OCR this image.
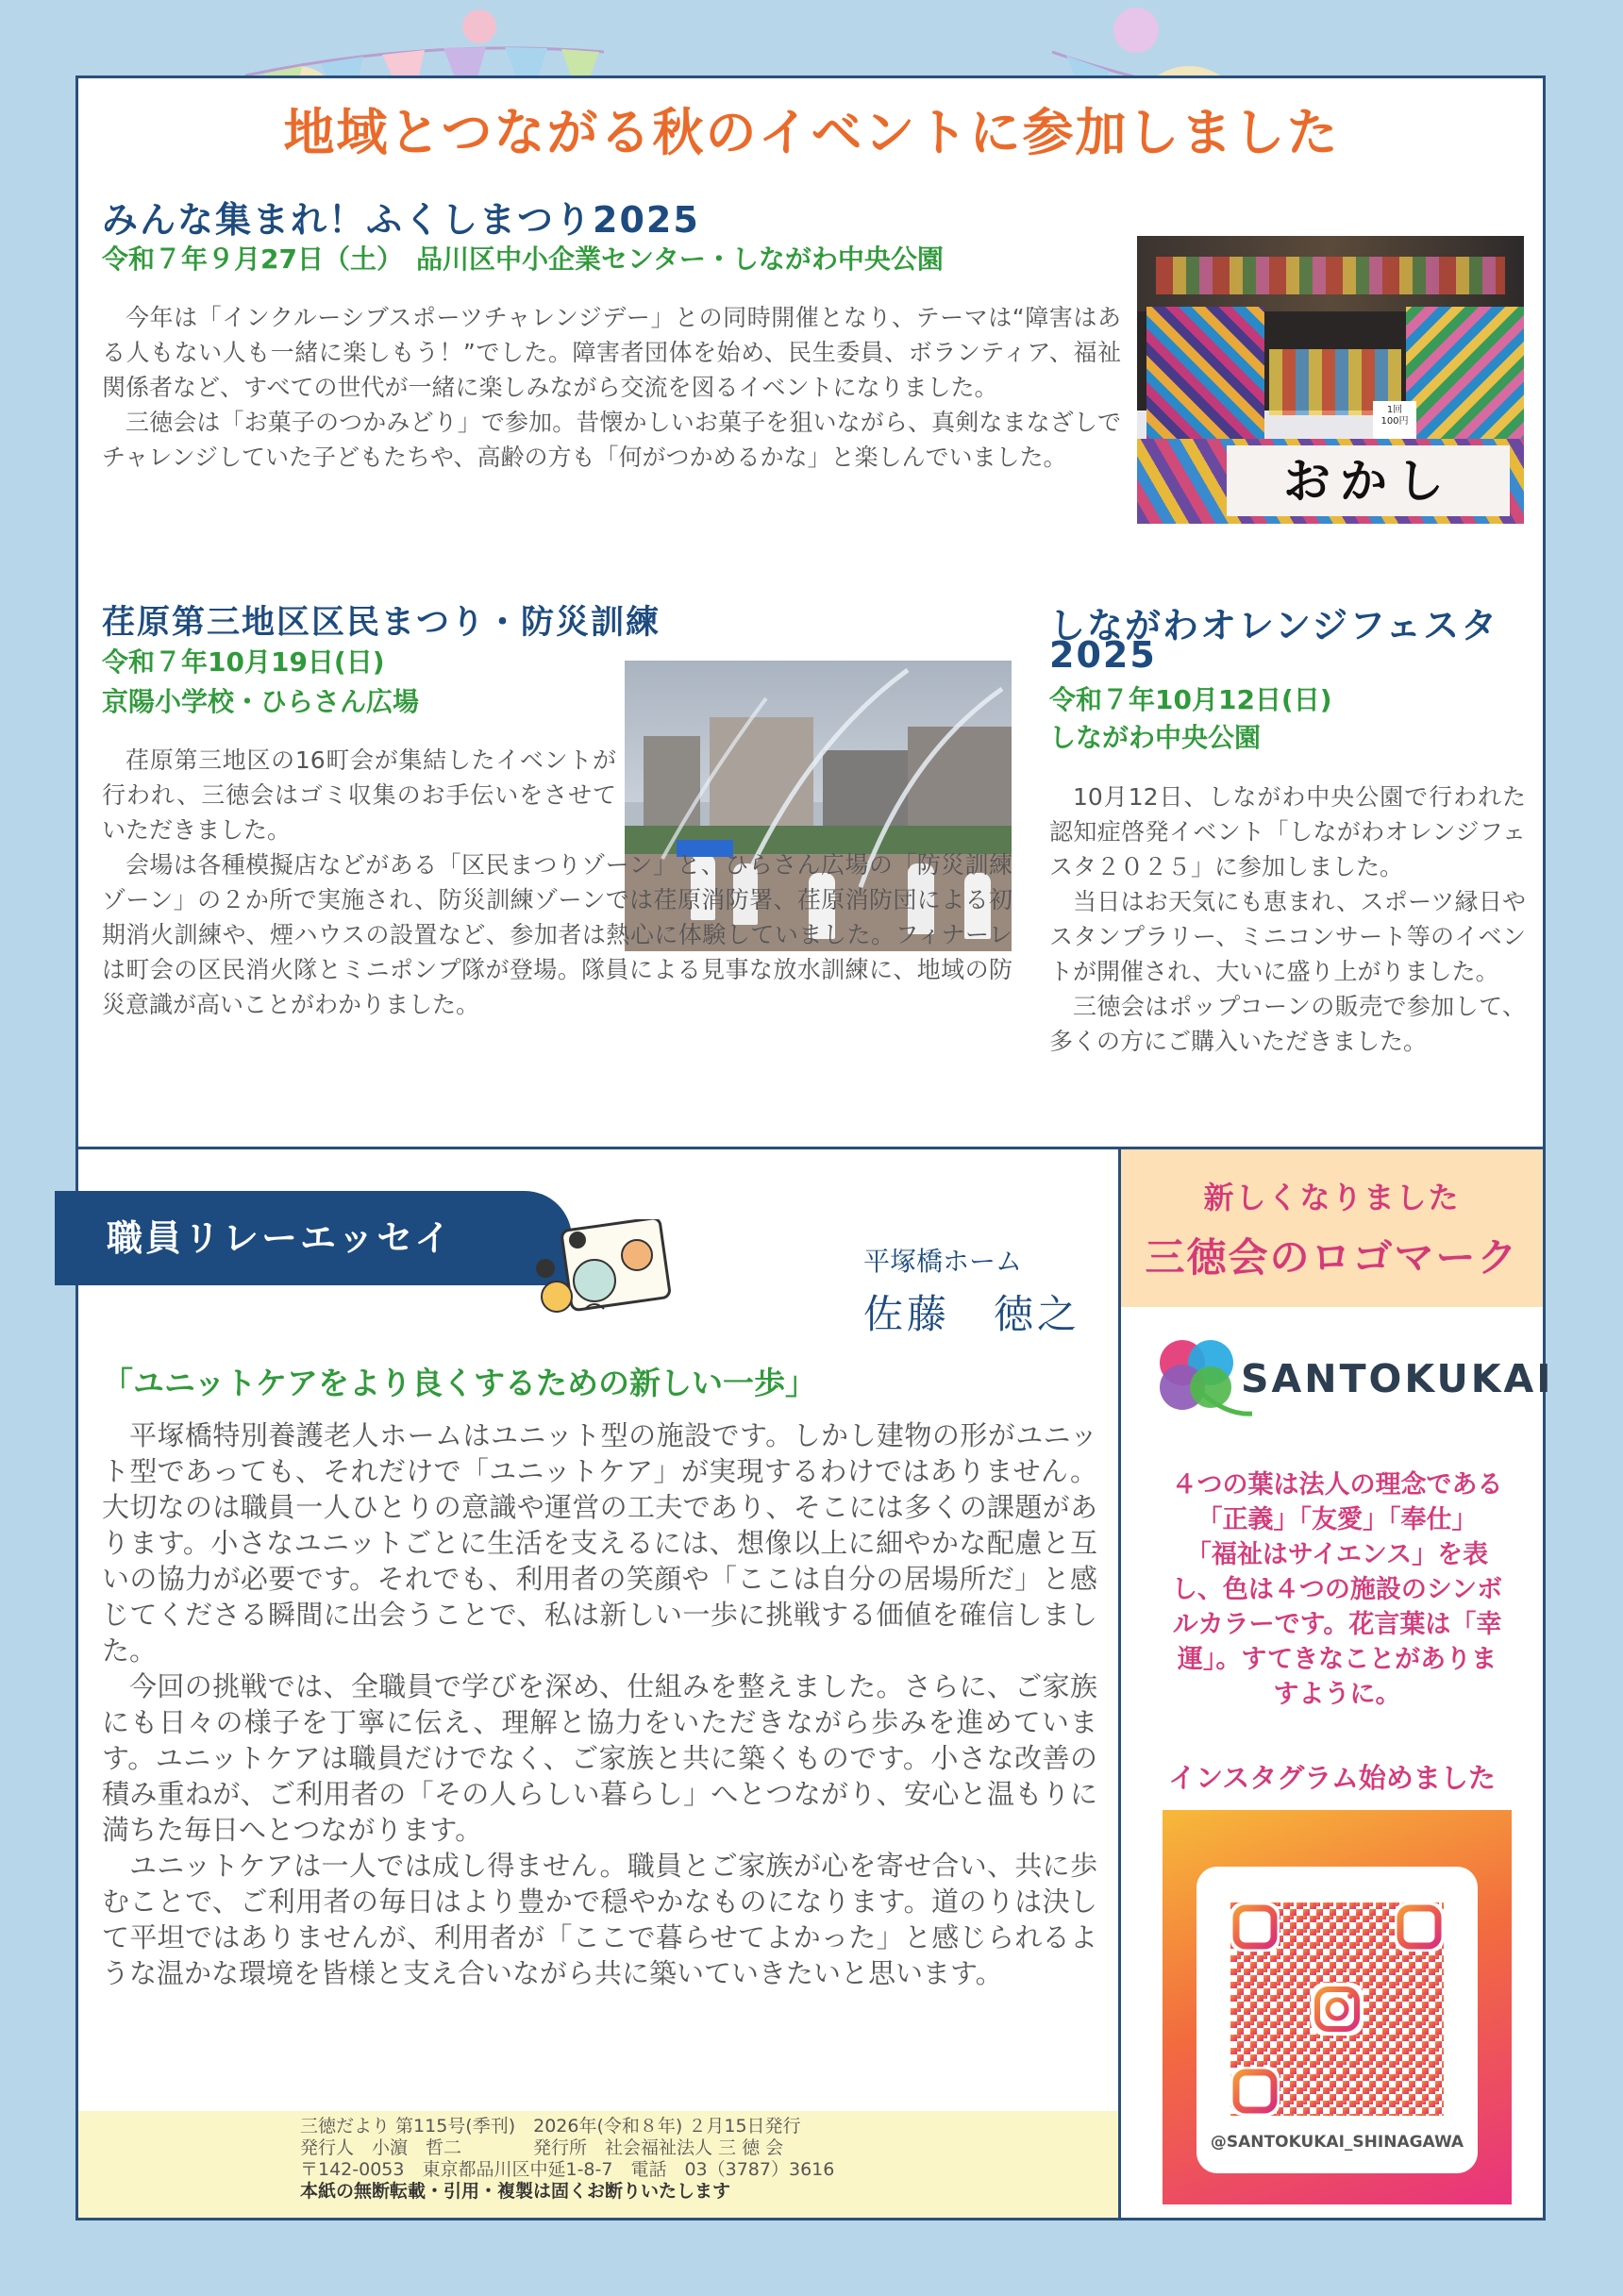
地域とつながる秋のイベントに参加しました
みんな集まれ！ふくしまつり2025
令和７年９月27日（土）　品川区中小企業センター・しながわ中央公園

今年は「インクルーシブスポーツチャレンジデー」との同時開催となり、テーマは“障害はある人もない人も一緒に楽しもう！”でした。障害者団体を始め、民生委員、ボランティア、福祉関係者など、すべての世代が一緒に楽しみながら交流を図るイベントになりました。

三徳会は「お菓子のつかみどり」で参加。昔懐かしいお菓子を狙いながら、真剣なまなざしでチャレンジしていた子どもたちや、高齢の方も「何がつかめるかな」と楽しんでいました。

1回
100円
おかし
荏原第三地区区民まつり・防災訓練
令和７年10月19日(日)
京陽小学校・ひらさん広場

荏原第三地区の16町会が集結したイベントが行われ、三徳会はゴミ収集のお手伝いをさせていただきました。

会場は各種模擬店などがある「区民まつりゾーン」と、ひらさん広場の「防災訓練ゾーン」の２か所で実施され、防災訓練ゾーンでは荏原消防署、荏原消防団による初期消火訓練や、煙ハウスの設置など、参加者は熱心に体験していました。フィナーレは町会の区民消火隊とミニポンプ隊が登場。隊員による見事な放水訓練に、地域の防災意識が高いことがわかりました。

しながわオレンジフェスタ
2025
令和７年10月12日(日)
しながわ中央公園

10月12日、しながわ中央公園で行われた認知症啓発イベント「しながわオレンジフェスタ２０２５」に参加しました。

当日はお天気にも恵まれ、スポーツ縁日やスタンプラリー、ミニコンサート等のイベントが開催され、大いに盛り上がりました。

三徳会はポップコーンの販売で参加して、多くの方にご購入いただきました。

職員リレーエッセイ
平塚橋ホーム
佐藤　徳之
「ユニットケアをより良くするための新しい一歩」

平塚橋特別養護老人ホームはユニット型の施設です。しかし建物の形がユニット型であっても、それだけで「ユニットケア」が実現するわけではありません。大切なのは職員一人ひとりの意識や運営の工夫であり、そこには多くの課題があります。小さなユニットごとに生活を支えるには、想像以上に細やかな配慮と互いの協力が必要です。それでも、利用者の笑顔や「ここは自分の居場所だ」と感じてくださる瞬間に出会うことで、私は新しい一歩に挑戦する価値を確信しました。

今回の挑戦では、全職員で学びを深め、仕組みを整えました。さらに、ご家族にも日々の様子を丁寧に伝え、理解と協力をいただきながら歩みを進めています。ユニットケアは職員だけでなく、ご家族と共に築くものです。小さな改善の積み重ねが、ご利用者の「その人らしい暮らし」へとつながり、安心と温もりに満ちた毎日へとつながります。

ユニットケアは一人では成し得ません。職員とご家族が心を寄せ合い、共に歩むことで、ご利用者の毎日はより豊かで穏やかなものになります。道のりは決して平坦ではありませんが、利用者が「ここで暮らせてよかった」と感じられるような温かな環境を皆様と支え合いながら共に築いていきたいと思います。

三徳だより 第115号(季刊)　2026年(令和８年) ２月15日発行
発行人　小濵　哲二　　　　発行所　社会福祉法人 三 徳 会
〒142-0053　東京都品川区中延1-8-7　電話　03（3787）3616
本紙の無断転載・引用・複製は固くお断りいたします
新しくなりました
三徳会のロゴマーク
SANTOKUKAI
４つの葉は法人の理念である
「正義」「友愛」「奉仕」
「福祉はサイエンス」を表
し、色は４つの施設のシンボ
ルカラーです。花言葉は「幸
運」。すてきなことがありま
すように。
インスタグラム始めました
@SANTOKUKAI_SHINAGAWA
